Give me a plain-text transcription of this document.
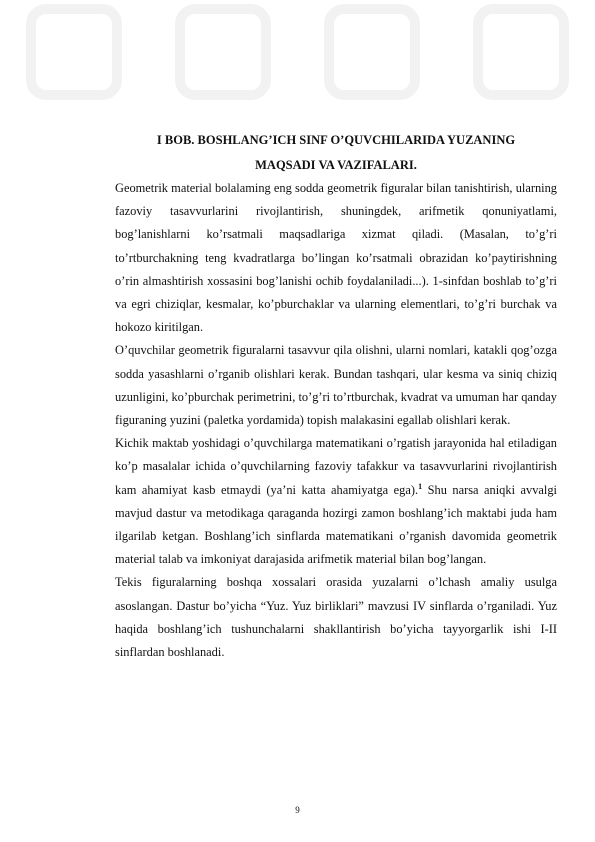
I BOB. BOSHLANG’ICH SINF O’QUVCHILARIDA YUZANING
MAQSADI VA VAZIFALARI.

Geometrik material bolalaming eng sodda geometrik figuralar bilan tanishtirish, ularning fazoviy tasavvurlarini rivojlantirish, shuningdek, arifmetik qonuniyatlami, bog’lanishlarni ko’rsatmali maqsadlariga xizmat qiladi. (Masalan, to’g’ri to’rtburchakning teng kvadratlarga bo’lingan ko’rsatmali obrazidan ko’paytirishning o’rin almashtirish xossasini bog’lanishi ochib foydalaniladi...). 1-sinfdan boshlab to’g’ri va egri chiziqlar, kesmalar, ko’pburchaklar va ularning elementlari, to’g’ri burchak va hokozo kiritilgan.

O’quvchilar geometrik figuralarni tasavvur qila olishni, ularni nomlari, katakli qog’ozga sodda yasashlarni o’rganib olishlari kerak. Bundan tashqari, ular kesma va siniq chiziq uzunligini, ko’pburchak perimetrini, to’g’ri to’rtburchak, kvadrat va umuman har qanday figuraning yuzini (paletka yordamida) topish malakasini egallab olishlari kerak.

Kichik maktab yoshidagi o’quvchilarga matematikani o’rgatish jarayonida hal etiladigan ko’p masalalar ichida o’quvchilarning fazoviy tafakkur va tasavvurlarini rivojlantirish kam ahamiyat kasb etmaydi (ya’ni katta ahamiyatga ega).$^1$ Shu narsa aniqki avvalgi mavjud dastur va metodikaga qaraganda hozirgi zamon boshlang’ich maktabi juda ham ilgarilab ketgan. Boshlang’ich sinflarda matematikani o’rganish davomida geometrik material talab va imkoniyat darajasida arifmetik material bilan bog’langan.

Tekis figuralarning boshqa xossalari orasida yuzalarni o’lchash amaliy usulga asoslangan. Dastur bo’yicha “Yuz. Yuz birliklari” mavzusi IV sinflarda o’rganiladi. Yuz haqida boshlang’ich tushunchalarni shakllantirish bo’yicha tayyorgarlik ishi I-II sinflardan boshlanadi.

9
